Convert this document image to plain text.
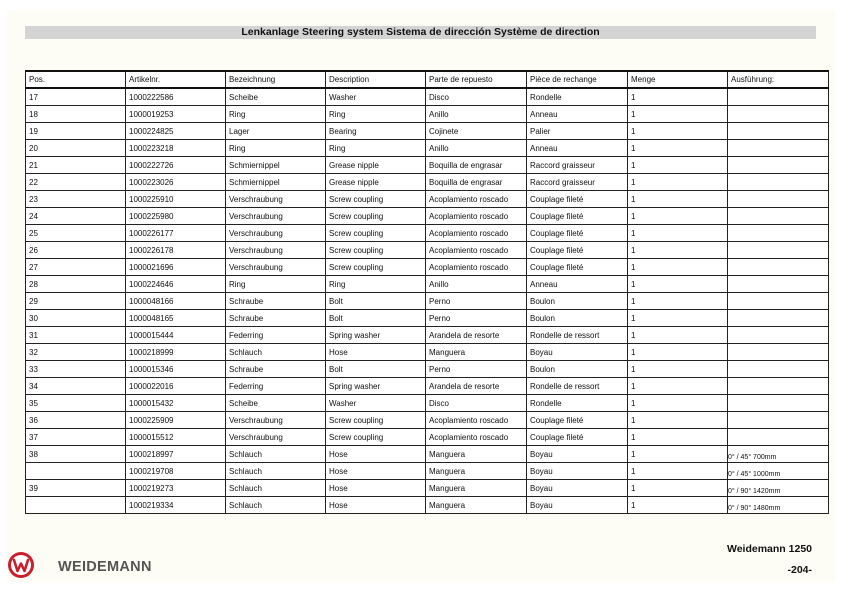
Lenkanlage Steering system Sistema de dirección Système de direction
Pos.	Artikelnr.	Bezeichnung	Description	Parte de repuesto	Pièce de rechange	Menge	Ausführung:
17	1000222586	Scheibe	Washer	Disco	Rondelle	1	
18	1000019253	Ring	Ring	Anillo	Anneau	1	
19	1000224825	Lager	Bearing	Cojinete	Palier	1	
20	1000223218	Ring	Ring	Anillo	Anneau	1	
21	1000222726	Schmiernippel	Grease nipple	Boquilla de engrasar	Raccord graisseur	1	
22	1000223026	Schmiernippel	Grease nipple	Boquilla de engrasar	Raccord graisseur	1	
23	1000225910	Verschraubung	Screw coupling	Acoplamiento roscado	Couplage fileté	1	
24	1000225980	Verschraubung	Screw coupling	Acoplamiento roscado	Couplage fileté	1	
25	1000226177	Verschraubung	Screw coupling	Acoplamiento roscado	Couplage fileté	1	
26	1000226178	Verschraubung	Screw coupling	Acoplamiento roscado	Couplage fileté	1	
27	1000021696	Verschraubung	Screw coupling	Acoplamiento roscado	Couplage fileté	1	
28	1000224646	Ring	Ring	Anillo	Anneau	1	
29	1000048166	Schraube	Bolt	Perno	Boulon	1	
30	1000048165	Schraube	Bolt	Perno	Boulon	1	
31	1000015444	Federring	Spring washer	Arandela de resorte	Rondelle de ressort	1	
32	1000218999	Schlauch	Hose	Manguera	Boyau	1	
33	1000015346	Schraube	Bolt	Perno	Boulon	1	
34	1000022016	Federring	Spring washer	Arandela de resorte	Rondelle de ressort	1	
35	1000015432	Scheibe	Washer	Disco	Rondelle	1	
36	1000225909	Verschraubung	Screw coupling	Acoplamiento roscado	Couplage fileté	1	
37	1000015512	Verschraubung	Screw coupling	Acoplamiento roscado	Couplage fileté	1	
38	1000218997	Schlauch	Hose	Manguera	Boyau	1	0° / 45° 700mm
	1000219708	Schlauch	Hose	Manguera	Boyau	1	0° / 45° 1000mm
39	1000219273	Schlauch	Hose	Manguera	Boyau	1	0° / 90° 1420mm
	1000219334	Schlauch	Hose	Manguera	Boyau	1	0° / 90° 1480mm
WEIDEMANN
Weidemann 1250
-204-
